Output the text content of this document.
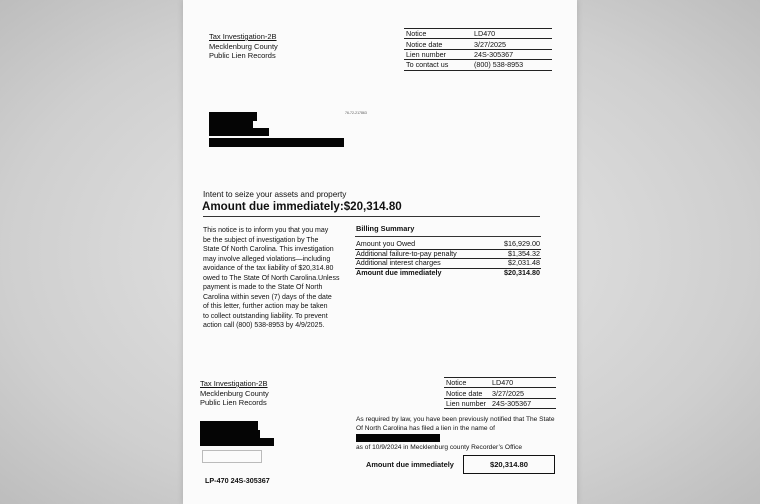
Tax Investigation-2B
Mecklenburg County
Public Lien Records
Notice	LD470
Notice date	3/27/2025
Lien number	24S-305367
To contact us	(800) 538-8953
76-72-217863
Intent to seize your assets and property
Amount due immediately:$20,314.80
This notice is to inform you that you may
be the subject of investigation by The
State Of North Carolina. This investigation
may involve alleged violations—including
avoidance of the tax liability of $20,314.80
owed to The State Of North Carolina.Unless
payment is made to the State Of North
Carolina within seven (7) days of the date
of this letter, further action may be taken
to collect outstanding liability. To prevent
action call (800) 538-8953 by 4/9/2025.
Billing Summary
Amount you Owed	$16,929.00
Additional failure-to-pay penalty	$1,354.32
Additional interest charges	$2,031.48
Amount due immediately	$20,314.80
Tax Investigation-2B
Mecklenburg County
Public Lien Records
Notice	LD470
Notice date	3/27/2025
Lien number	24S-305367
As required by law, you have been previously notified that The State
Of North Carolina has filed a lien in the name of
as of 10/9/2024 in Mecklenburg county Recorder’s Office
Amount due immediately	$20,314.80
LP-470 24S-305367
